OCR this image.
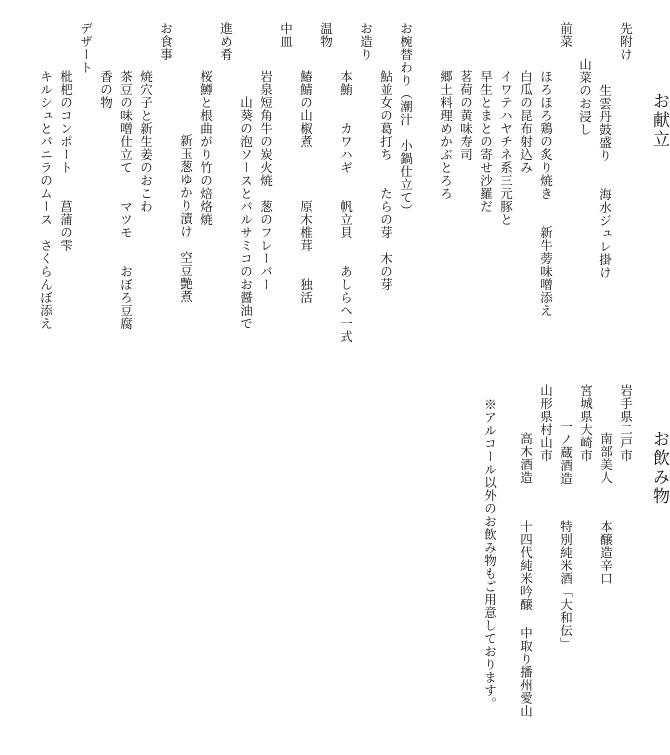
お献立
先附け
生雲丹鼓盛り　　海水ジュレ掛け
山菜のお浸し
前菜
ほろほろ鶏の炙り焼き　　新牛蒡味噌添え
白瓜の昆布射込み
イワテハヤチネ系三元豚と
早生とまとの寄せ沙羅だ
茗荷の黄味寿司
郷土料理めかぶとろろ
お椀替わり（潮汁　小鍋仕立て）
鮎並女の葛打ち　　たらの芽　木の芽
お造り
本鮪　　カワハギ　　帆立貝　　あしらへ一式
温物
鰆鯖の山椒煮　　　　原木椎茸　　独活
中皿
岩泉短角牛の炭火焼　葱のフレーバー
山葵の泡ソースとバルサミコのお醤油で
進め肴
桜鱒と根曲がり竹の焙烙焼
新玉葱ゆかり漬け　空豆艶煮
お食事
焼穴子と新生姜のおこわ
茶豆の味噌仕立て　　マツモ　　おぼろ豆腐
香の物
デザート
枇杷のコンポート　　菖蒲の雫
キルシュとバニラのムース　さくらんぼ添え
お飲み物
岩手県二戸市
南部美人
本醸造辛口
宮城県大崎市
一ノ蔵酒造
特別純米酒「大和伝」
山形県村山市
高木酒造
十四代純米吟醸 中取り播州愛山
※アルコール以外のお飲み物もご用意しております。
